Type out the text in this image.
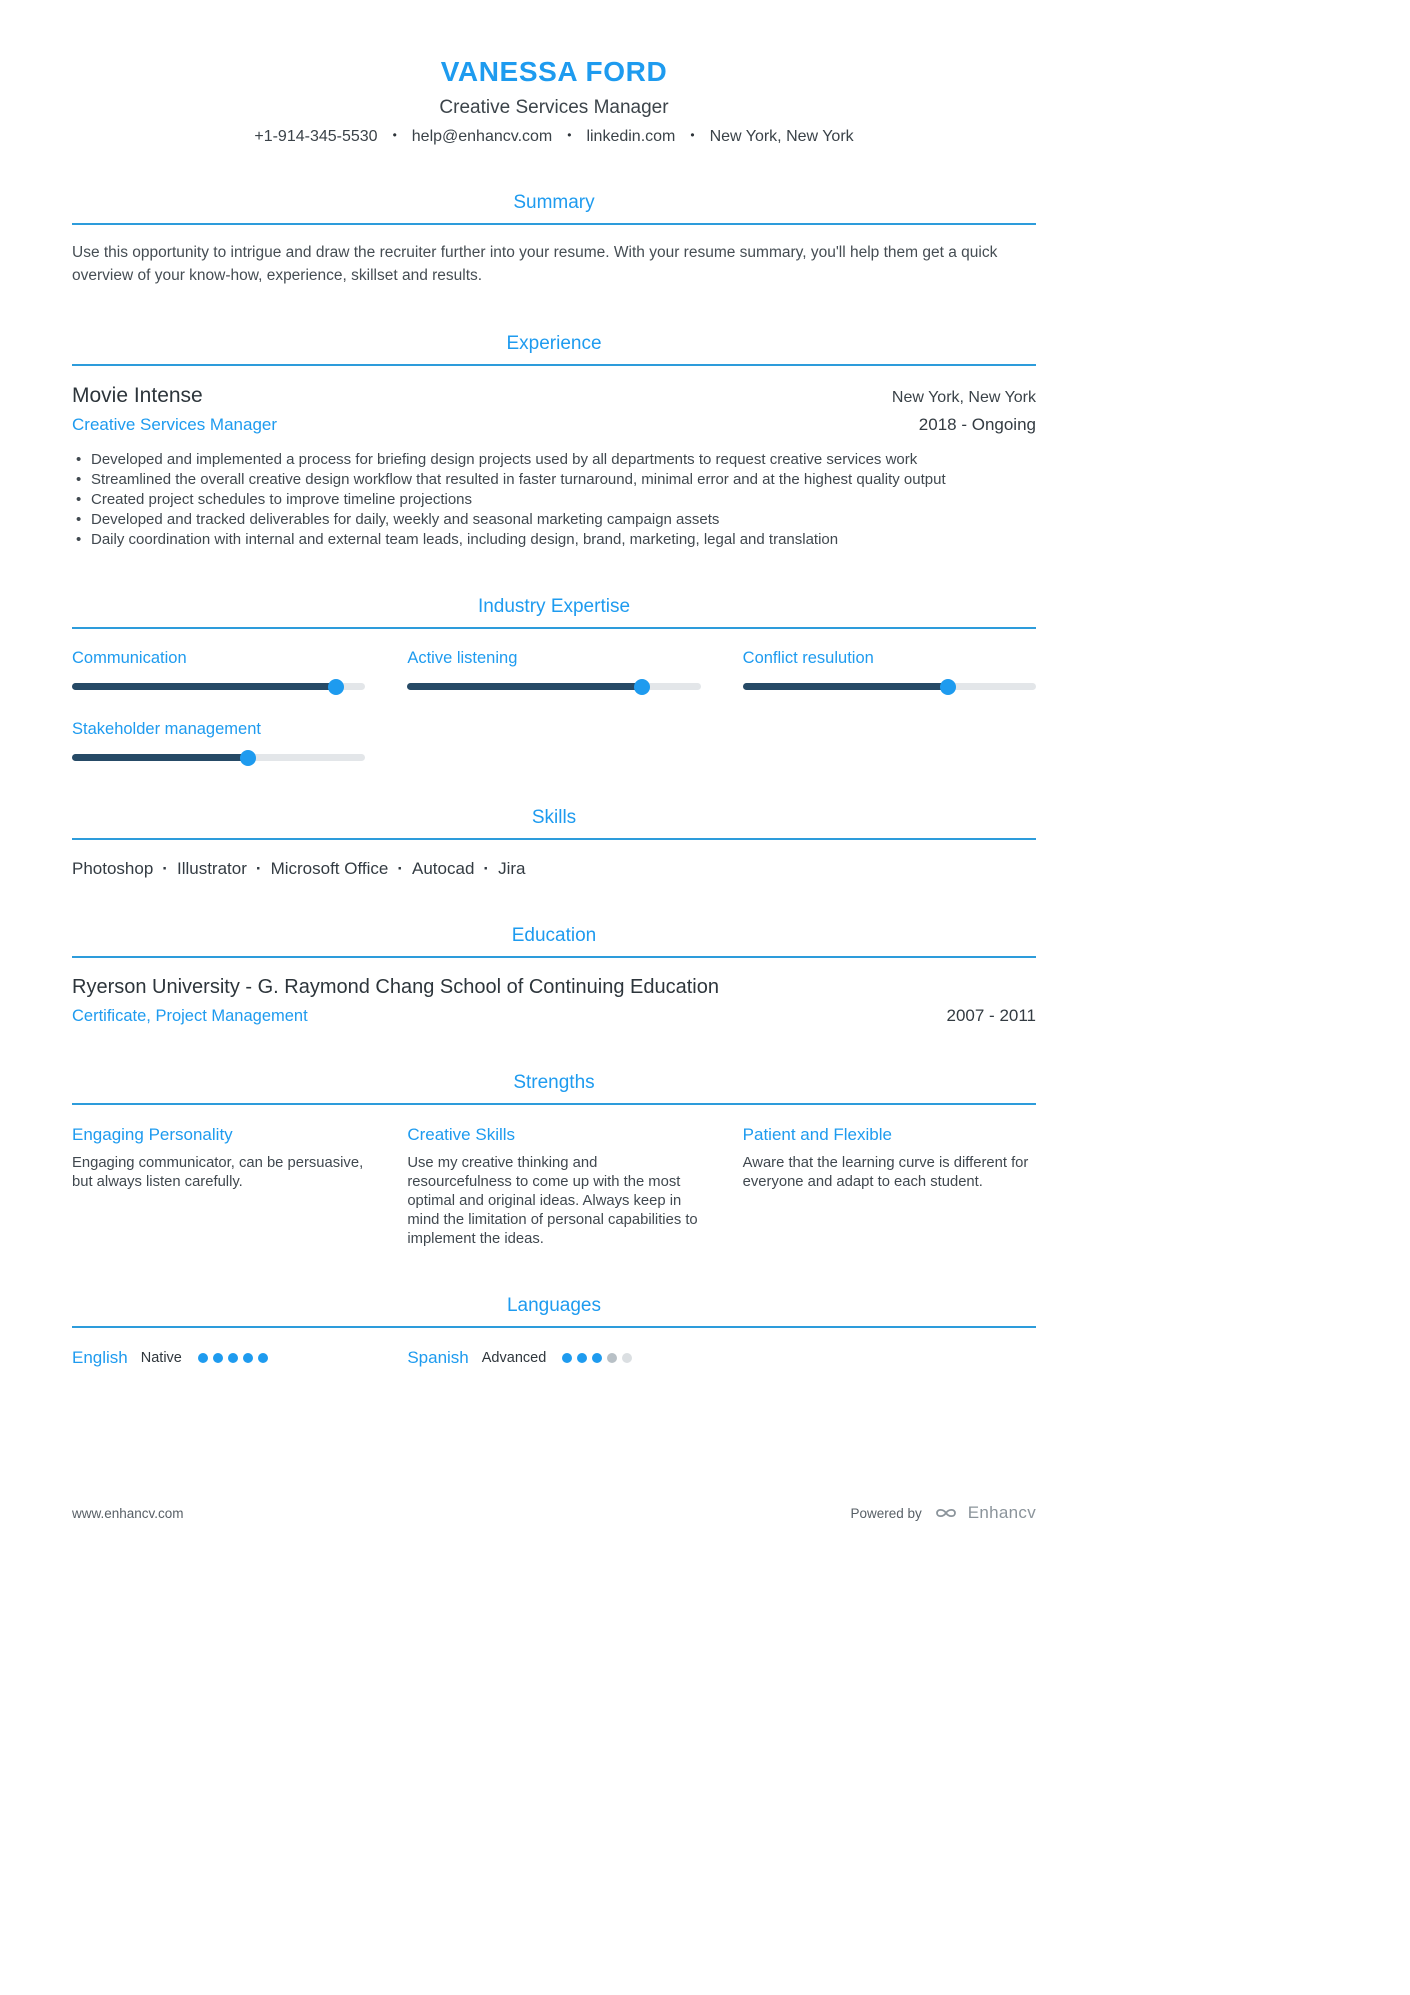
VANESSA FORD
Creative Services Manager
+1-914-345-5530	• help@enhancv.com	• linkedin.com	• New York, New York
Summary

Use this opportunity to intrigue and draw the recruiter further into your resume. With your resume summary, you'll help them get a quick overview of your know-how, experience, skillset and results.

Experience
Movie Intense	New York, New York
Creative Services Manager	2018 - Ongoing
• Developed and implemented a process for briefing design projects used by all departments to request creative services work
• Streamlined the overall creative design workflow that resulted in faster turnaround, minimal error and at the highest quality output
• Created project schedules to improve timeline projections
• Developed and tracked deliverables for daily, weekly and seasonal marketing campaign assets
• Daily coordination with internal and external team leads, including design, brand, marketing, legal and translation
Industry Expertise
Communication	Active listening	Conflict resulution
Stakeholder management
Skills
Photoshop · Illustrator · Microsoft Office · Autocad · Jira
Education
Ryerson University - G. Raymond Chang School of Continuing Education
Certificate, Project Management	2007 - 2011
Strengths
Engaging Personality
Engaging communicator, can be persuasive, but always listen carefully.
Creative Skills
Use my creative thinking and resourcefulness to come up with the most optimal and original ideas. Always keep in mind the limitation of personal capabilities to implement the ideas.
Patient and Flexible
Aware that the learning curve is different for everyone and adapt to each student.
Languages
English Native	Spanish Advanced
www.enhancv.com	Powered by	Enhancv
